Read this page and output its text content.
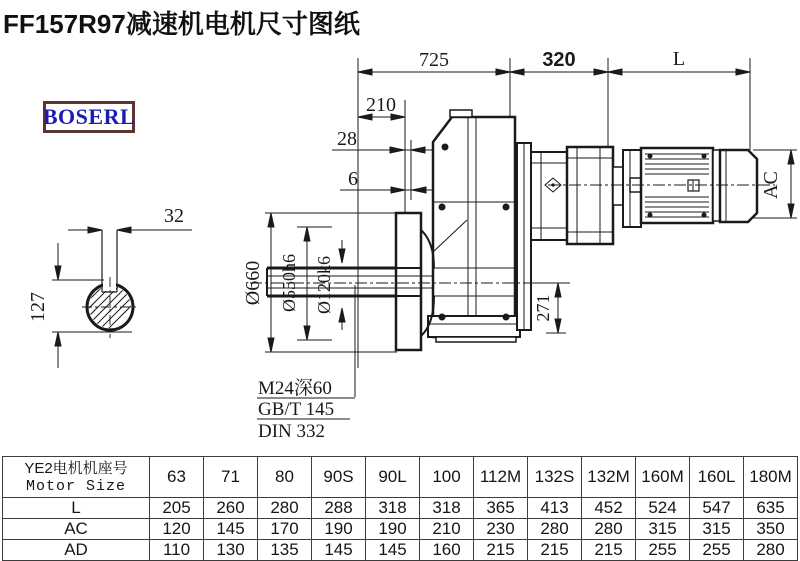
FF157R97减速机电机尺寸图纸
BOSERL
725	320	L
210
28
6	AC
271
Ø660 Ø550h6 Ø120k6
M24深60
GB/T 145
DIN 332
32
127
YE2电机机座号
Motor Size	63	71	80	90S	90L	100	112M	132S	132M	160M	160L	180M
L	205	260	280	288	318	318	365	413	452	524	547	635
AC	120	145	170	190	190	210	230	280	280	315	315	350
AD	110	130	135	145	145	160	215	215	215	255	255	280
